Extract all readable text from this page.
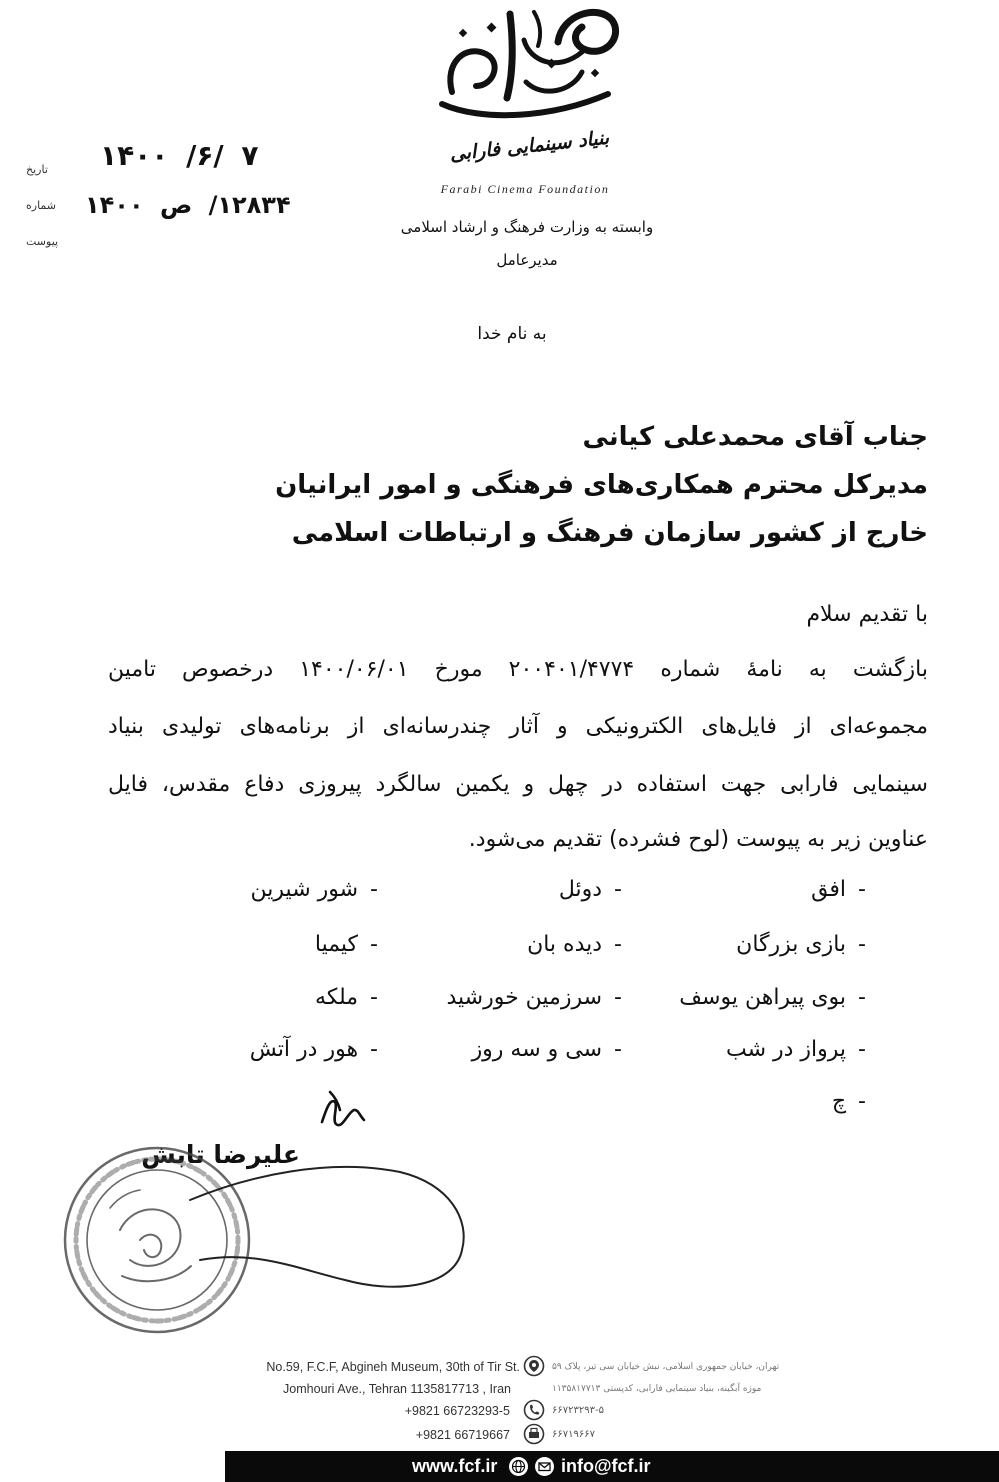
بنیاد سینمایی فارابی
Farabi Cinema Foundation
وابسته به وزارت فرهنگ و ارشاد اسلامی
مدیرعامل
تاریخ
شماره
پیوست
۱۴۰۰ /۶/ ۷
۱۴۰۰ ص /۱۲۸۳۴
به نام خدا
جناب آقای محمدعلی کیانی
مدیرکل محترم همکاری‌های فرهنگی و امور ایرانیان
خارج از کشور سازمان فرهنگ و ارتباطات اسلامی
با تقدیم سلام
بازگشت به نامهٔ شماره ۲۰۰۴۰۱/۴۷۷۴ مورخ ۱۴۰۰/۰۶/۰۱ درخصوص تامین
مجموعه‌ای از فایل‌های الکترونیکی و آثار چندرسانه‌ای از برنامه‌های تولیدی بنیاد
سینمایی فارابی جهت استفاده در چهل و یکمین سالگرد پیروزی دفاع مقدس، فایل
عناوین زیر به پیوست (لوح فشرده) تقدیم می‌شود.
-
افق
-
دوئل
-
شور شیرین
-
بازی بزرگان
-
دیده بان
-
کیمیا
-
بوی پیراهن یوسف
-
سرزمین خورشید
-
ملکه
-
پرواز در شب
-
سی و سه روز
-
هور در آتش
-
چ
علیرضا تابش
No.59, F.C.F, Abgineh Museum, 30th of Tir St.
Jomhouri Ave., Tehran 1135817713 , Iran
+9821 66723293-5
+9821 66719667
تهران، خیابان جمهوری اسلامی، نبش خیابان سی تیر، پلاک ۵۹
موزه آبگینه، بنیاد سینمایی فارابی، کدپستی ۱۱۳۵۸۱۷۷۱۳
۶۶۷۲۳۲۹۳-۵
۶۶۷۱۹۶۶۷
www.fcf.ir	info@fcf.ir
